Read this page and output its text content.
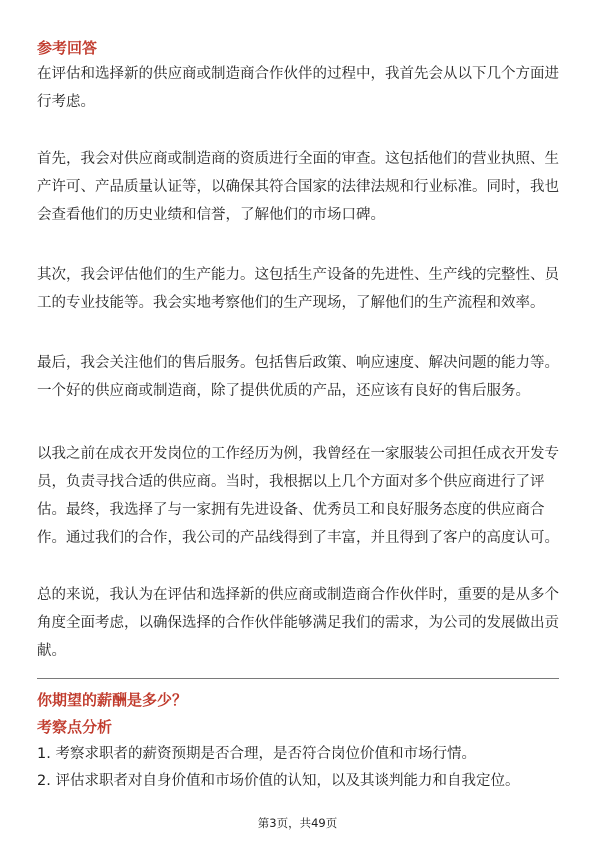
参考回答
在评估和选择新的供应商或制造商合作伙伴的过程中，我首先会从以下几个方面进
行考虑。
首先，我会对供应商或制造商的资质进行全面的审查。这包括他们的营业执照、生
产许可、产品质量认证等，以确保其符合国家的法律法规和行业标准。同时，我也
会查看他们的历史业绩和信誉，了解他们的市场口碑。
其次，我会评估他们的生产能力。这包括生产设备的先进性、生产线的完整性、员
工的专业技能等。我会实地考察他们的生产现场，了解他们的生产流程和效率。
最后，我会关注他们的售后服务。包括售后政策、响应速度、解决问题的能力等。
一个好的供应商或制造商，除了提供优质的产品，还应该有良好的售后服务。
以我之前在成衣开发岗位的工作经历为例，我曾经在一家服装公司担任成衣开发专
员，负责寻找合适的供应商。当时，我根据以上几个方面对多个供应商进行了评
估。最终，我选择了与一家拥有先进设备、优秀员工和良好服务态度的供应商合
作。通过我们的合作，我公司的产品线得到了丰富，并且得到了客户的高度认可。
总的来说，我认为在评估和选择新的供应商或制造商合作伙伴时，重要的是从多个
角度全面考虑，以确保选择的合作伙伴能够满足我们的需求，为公司的发展做出贡
献。
你期望的薪酬是多少？
考察点分析
1. 考察求职者的薪资预期是否合理，是否符合岗位价值和市场行情。
2. 评估求职者对自身价值和市场价值的认知，以及其谈判能力和自我定位。
第3页，共49页
